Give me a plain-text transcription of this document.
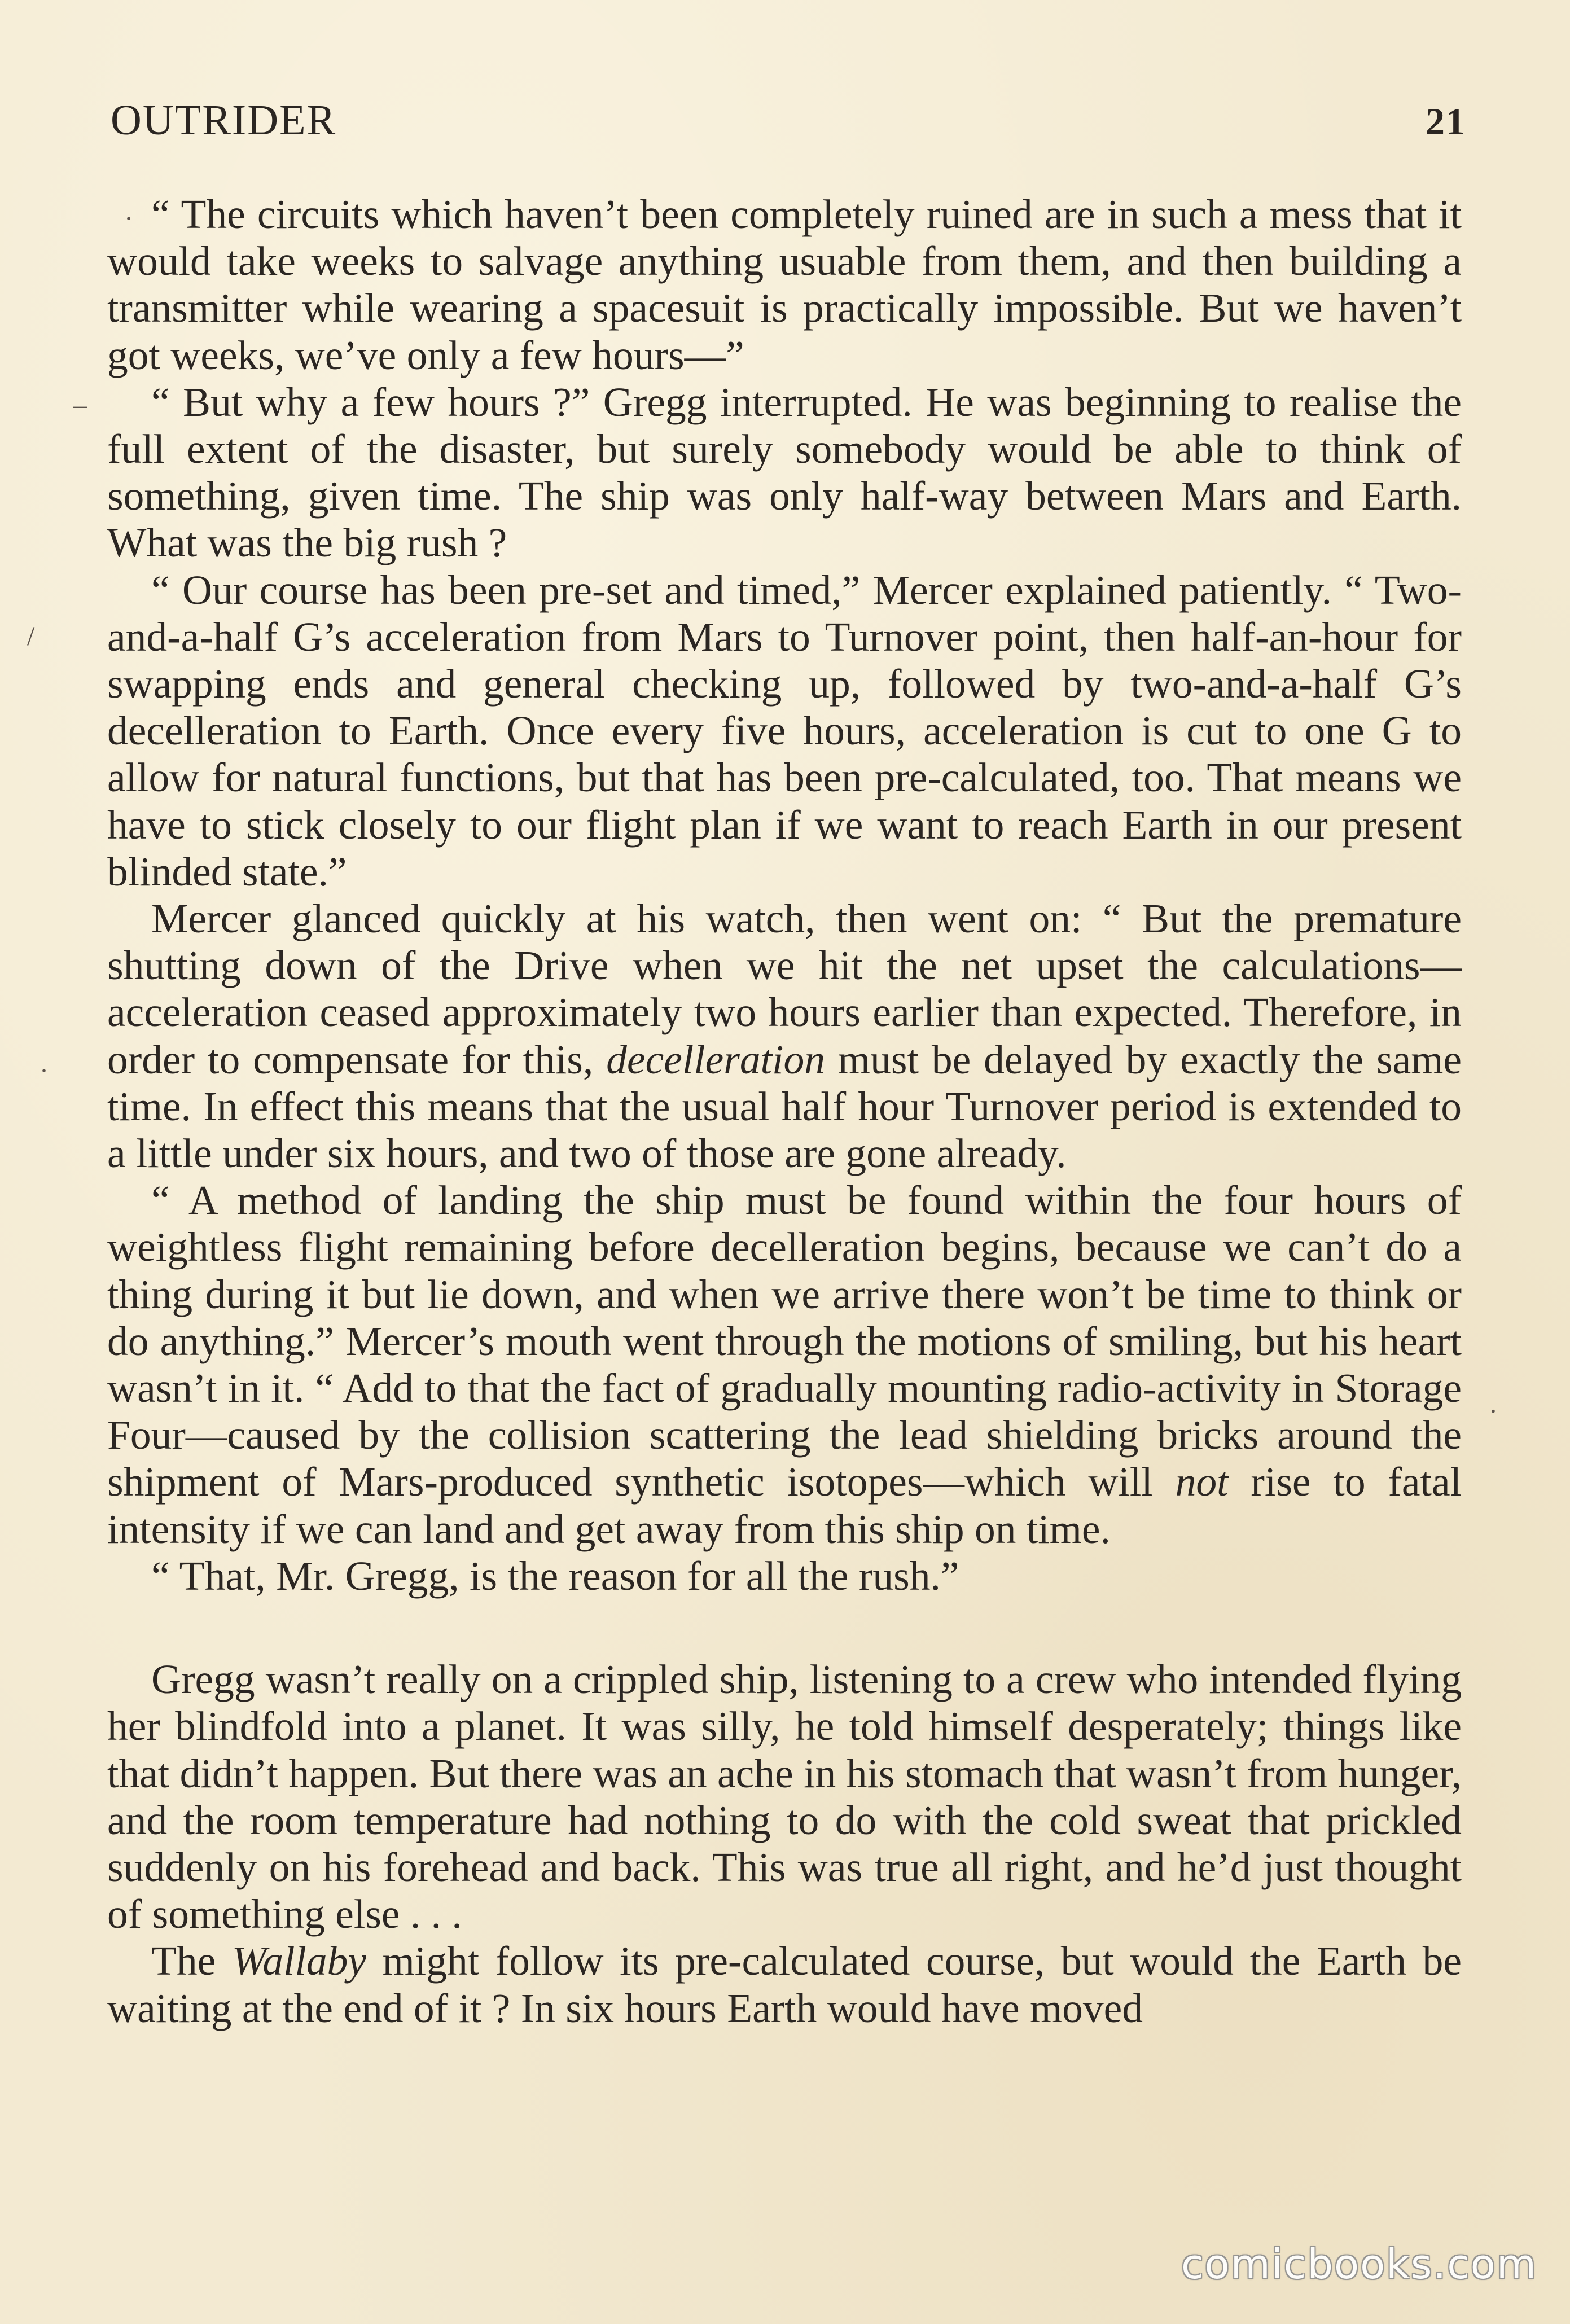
OUTRIDER	21
·
–
/
·
.

“ The circuits which haven’t been completely ruined are in such a mess that it would take weeks to salvage anything usuable from them, and then building a transmitter while wearing a spacesuit is practically impossible. But we haven’t got weeks, we’ve only a few hours—”

“ But why a few hours ?” Gregg interrupted. He was beginning to realise the full extent of the disaster, but surely somebody would be able to think of something, given time. The ship was only half-way between Mars and Earth. What was the big rush ?

“ Our course has been pre-set and timed,” Mercer explained patiently. “ Two-and-a-half G’s acceleration from Mars to Turnover point, then half-an-hour for swapping ends and general checking up, followed by two-and-a-half G’s decelleration to Earth. Once every five hours, acceleration is cut to one G to allow for natural functions, but that has been pre-calculated, too. That means we have to stick closely to our flight plan if we want to reach Earth in our present blinded state.”

Mercer glanced quickly at his watch, then went on: “ But the premature shutting down of the Drive when we hit the net upset the calculations—acceleration ceased approximately two hours earlier than expected. Therefore, in order to compensate for this, decelleration must be delayed by exactly the same time. In effect this means that the usual half hour Turnover period is extended to a little under six hours, and two of those are gone already.

“ A method of landing the ship must be found within the four hours of weightless flight remaining before decelleration begins, because we can’t do a thing during it but lie down, and when we arrive there won’t be time to think or do anything.” Mercer’s mouth went through the motions of smiling, but his heart wasn’t in it. “ Add to that the fact of gradually mounting radio-activity in Storage Four—caused by the collision scattering the lead shielding bricks around the shipment of Mars-produced synthetic isotopes—which will not rise to fatal intensity if we can land and get away from this ship on time.

“ That, Mr. Gregg, is the reason for all the rush.”

Gregg wasn’t really on a crippled ship, listening to a crew who intended flying her blindfold into a planet. It was silly, he told himself desperately; things like that didn’t happen. But there was an ache in his stomach that wasn’t from hunger, and the room temperature had nothing to do with the cold sweat that prickled suddenly on his forehead and back. This was true all right, and he’d just thought of something else . . .

The Wallaby might follow its pre-calculated course, but would the Earth be waiting at the end of it ? In six hours Earth would have moved

comicbooks.com
